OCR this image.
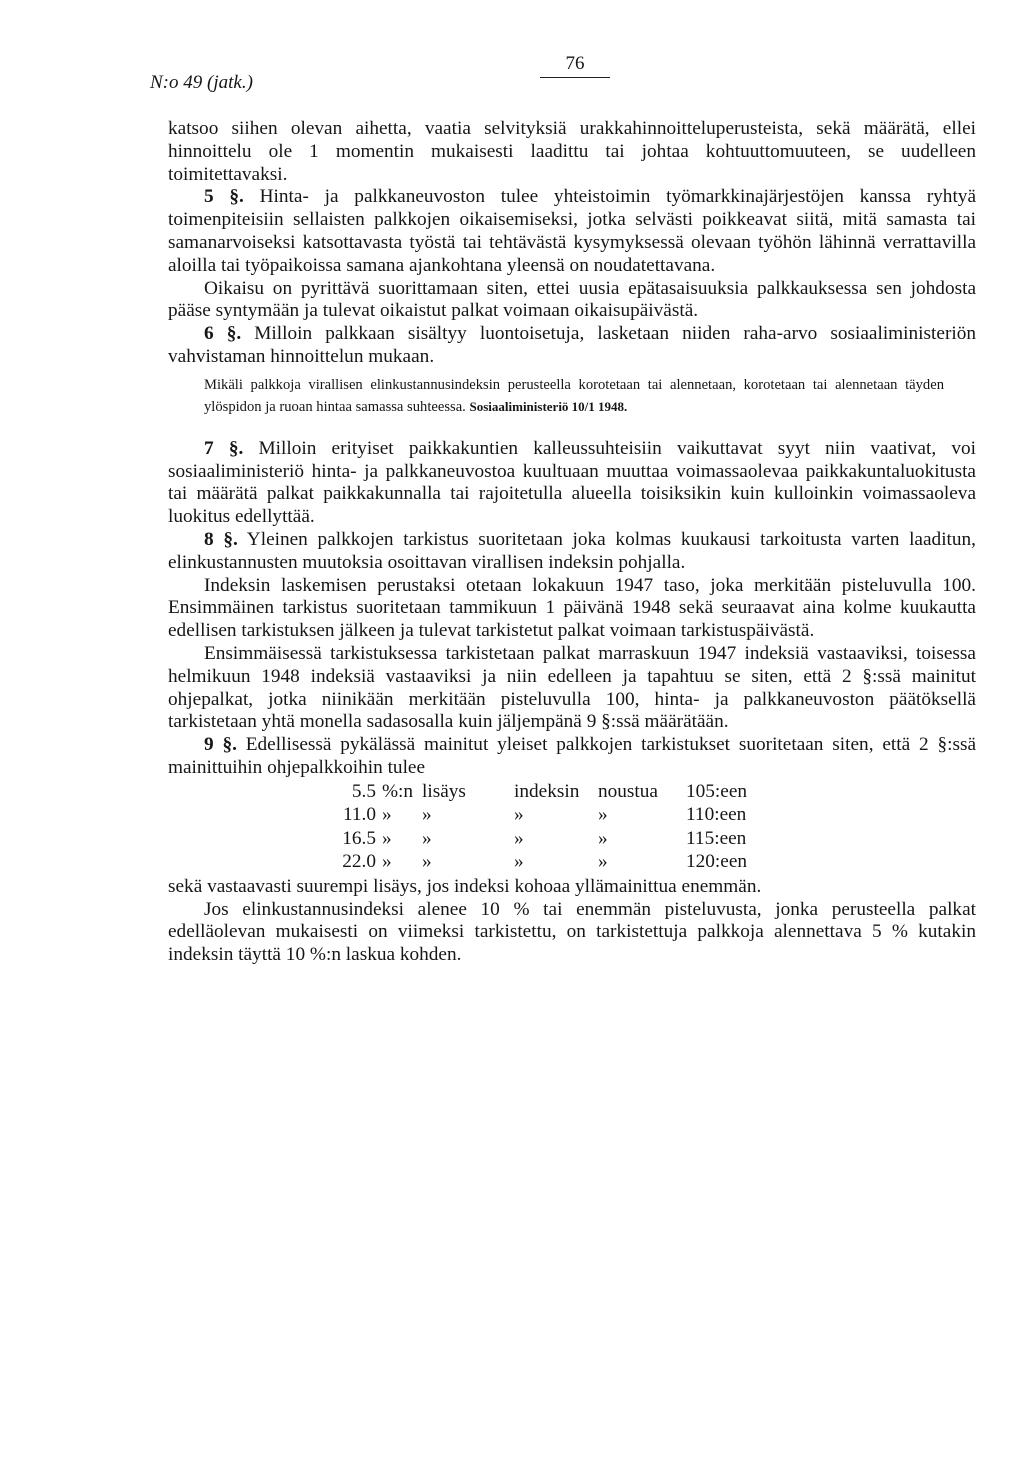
N:o 49 (jatk.)
76

katsoo siihen olevan aihetta, vaatia selvityksiä urakkahinnoitteluperusteista, sekä määrätä, ellei hinnoittelu ole 1 momentin mukaisesti laadittu tai johtaa kohtuuttomuuteen, se uudelleen toimitettavaksi.

5 §. Hinta- ja palkkaneuvoston tulee yhteistoimin työmarkkinajärjestöjen kanssa ryhtyä toimenpiteisiin sellaisten palkkojen oikaisemiseksi, jotka selvästi poikkeavat siitä, mitä samasta tai samanarvoiseksi katsottavasta työstä tai tehtävästä kysymyksessä olevaan työhön lähinnä verrattavilla aloilla tai työpaikoissa samana ajankohtana yleensä on noudatettavana.

Oikaisu on pyrittävä suorittamaan siten, ettei uusia epätasaisuuksia palkkauksessa sen johdosta pääse syntymään ja tulevat oikaistut palkat voimaan oikaisupäivästä.

6 §. Milloin palkkaan sisältyy luontoisetuja, lasketaan niiden raha-arvo sosiaaliministeriön vahvistaman hinnoittelun mukaan.

Mikäli palkkoja virallisen elinkustannusindeksin perusteella korotetaan tai alennetaan, korotetaan tai alennetaan täyden ylöspidon ja ruoan hintaa samassa suhteessa. Sosiaaliministeriö 10/1 1948.

7 §. Milloin erityiset paikkakuntien kalleussuhteisiin vaikuttavat syyt niin vaativat, voi sosiaaliministeriö hinta- ja palkkaneuvostoa kuultuaan muuttaa voimassaolevaa paikkakuntaluokitusta tai määrätä palkat paikkakunnalla tai rajoitetulla alueella toisiksikin kuin kulloinkin voimassaoleva luokitus edellyttää.

8 §. Yleinen palkkojen tarkistus suoritetaan joka kolmas kuukausi tarkoitusta varten laaditun, elinkustannusten muutoksia osoittavan virallisen indeksin pohjalla.

Indeksin laskemisen perustaksi otetaan lokakuun 1947 taso, joka merkitään pisteluvulla 100. Ensimmäinen tarkistus suoritetaan tammikuun 1 päivänä 1948 sekä seuraavat aina kolme kuukautta edellisen tarkistuksen jälkeen ja tulevat tarkistetut palkat voimaan tarkistuspäivästä.

Ensimmäisessä tarkistuksessa tarkistetaan palkat marraskuun 1947 indeksiä vastaaviksi, toisessa helmikuun 1948 indeksiä vastaaviksi ja niin edelleen ja tapahtuu se siten, että 2 §:ssä mainitut ohjepalkat, jotka niinikään merkitään pisteluvulla 100, hinta- ja palkkaneuvoston päätöksellä tarkistetaan yhtä monella sadasosalla kuin jäljempänä 9 §:ssä määrätään.

9 §. Edellisessä pykälässä mainitut yleiset palkkojen tarkistukset suoritetaan siten, että 2 §:ssä mainittuihin ohjepalkkoihin tulee

5.5	%:n	lisäys	indeksin	noustua	105:een
11.0	»	»	»	»	110:een
16.5	»	»	»	»	115:een
22.0	»	»	»	»	120:een

sekä vastaavasti suurempi lisäys, jos indeksi kohoaa yllämainittua enemmän.

Jos elinkustannusindeksi alenee 10 % tai enemmän pisteluvusta, jonka perusteella palkat edelläolevan mukaisesti on viimeksi tarkistettu, on tarkistettuja palkkoja alennettava 5 % kutakin indeksin täyttä 10 %:n laskua kohden.
